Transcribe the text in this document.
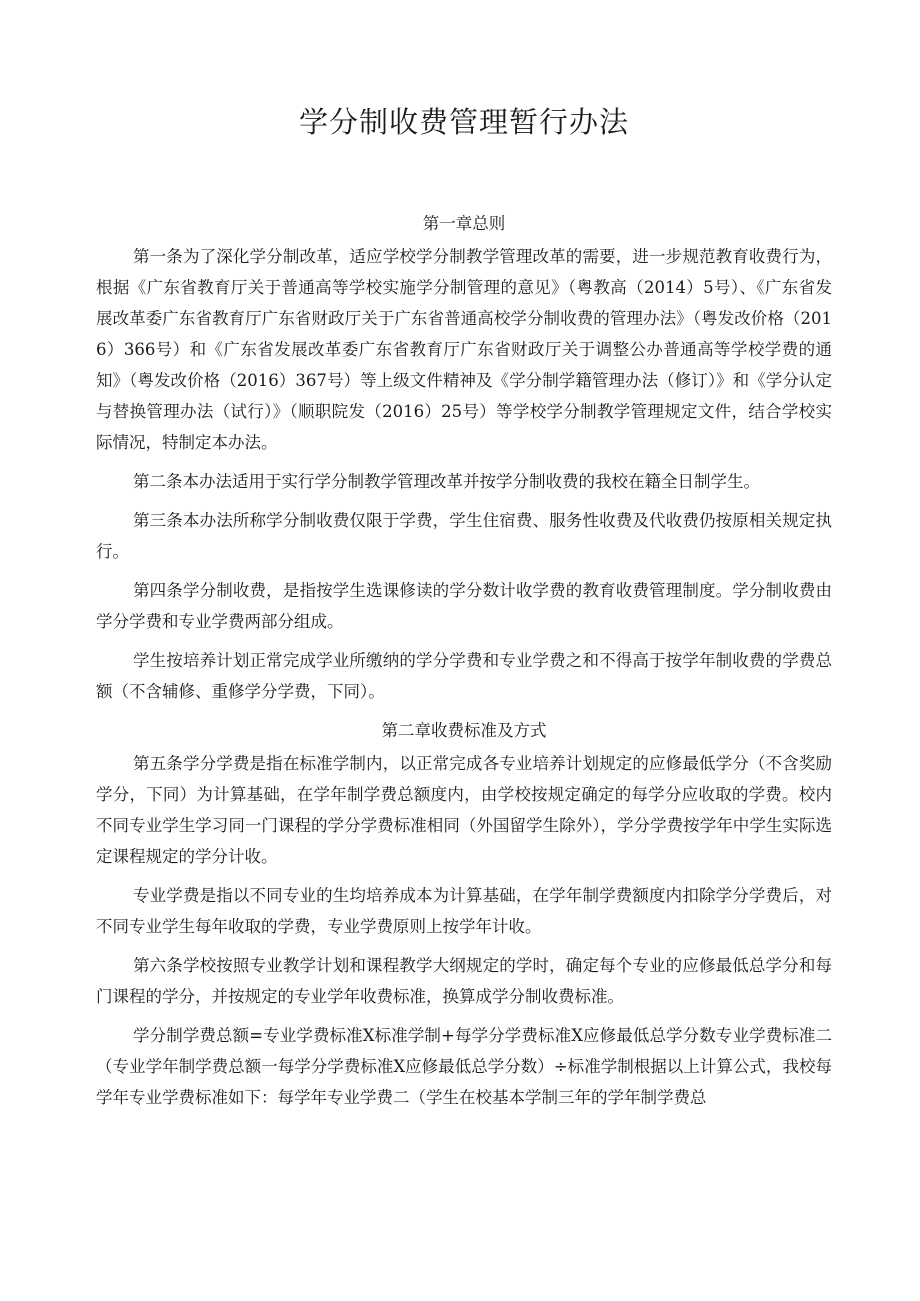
学分制收费管理暂行办法
第一章总则

第一条为了深化学分制改革，适应学校学分制教学管理改革的需要，进一步规范教育收费行为，根据《广东省教育厅关于普通高等学校实施学分制管理的意见》（粤教高（2014）5号）、《广东省发展改革委广东省教育厅广东省财政厅关于广东省普通高校学分制收费的管理办法》（粤发改价格（2016）366号）和《广东省发展改革委广东省教育厅广东省财政厅关于调整公办普通高等学校学费的通知》（粤发改价格（2016）367号）等上级文件精神及《学分制学籍管理办法（修订）》和《学分认定与替换管理办法（试行）》（顺职院发（2016）25号）等学校学分制教学管理规定文件，结合学校实际情况，特制定本办法。

第二条本办法适用于实行学分制教学管理改革并按学分制收费的我校在籍全日制学生。

第三条本办法所称学分制收费仅限于学费，学生住宿费、服务性收费及代收费仍按原相关规定执行。

第四条学分制收费，是指按学生选课修读的学分数计收学费的教育收费管理制度。学分制收费由学分学费和专业学费两部分组成。

学生按培养计划正常完成学业所缴纳的学分学费和专业学费之和不得高于按学年制收费的学费总额（不含辅修、重修学分学费，下同）。

第二章收费标准及方式

第五条学分学费是指在标准学制内，以正常完成各专业培养计划规定的应修最低学分（不含奖励学分，下同）为计算基础，在学年制学费总额度内，由学校按规定确定的每学分应收取的学费。校内不同专业学生学习同一门课程的学分学费标准相同（外国留学生除外），学分学费按学年中学生实际选定课程规定的学分计收。

专业学费是指以不同专业的生均培养成本为计算基础，在学年制学费额度内扣除学分学费后，对不同专业学生每年收取的学费，专业学费原则上按学年计收。

第六条学校按照专业教学计划和课程教学大纲规定的学时，确定每个专业的应修最低总学分和每门课程的学分，并按规定的专业学年收费标准，换算成学分制收费标准。

学分制学费总额=专业学费标准X标准学制+每学分学费标准X应修最低总学分数专业学费标准二（专业学年制学费总额一每学分学费标准X应修最低总学分数）÷标准学制根据以上计算公式，我校每学年专业学费标准如下：每学年专业学费二（学生在校基本学制三年的学年制学费总
